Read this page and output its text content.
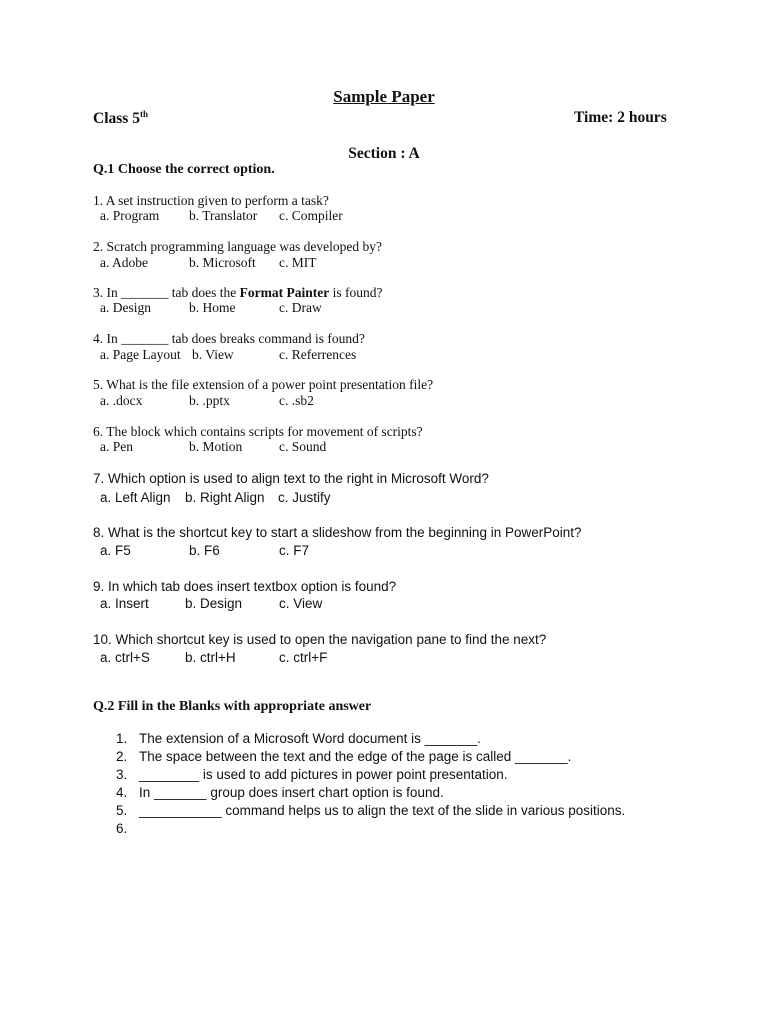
Sample Paper
Class 5th	Time: 2 hours
Section : A
Q.1 Choose the correct option.
1. A set instruction given to perform a task?
a. Program b. Translator c. Compiler
2. Scratch programming language was developed by?
a. Adobe	b. Microsoft c. MIT
3. In _______ tab does the Format Painter is found?
a. Design	b. Home	c. Draw
4. In _______ tab does breaks command is found?
a. Page Layout b. View	c. Referrences
5. What is the file extension of a power point presentation file?
a. .docx	b. .pptx	c. .sb2
6. The block which contains scripts for movement of scripts?
a. Pen	b. Motion	c. Sound
7. Which option is used to align text to the right in Microsoft Word?
a. Left Align b. Right Align c. Justify
8. What is the shortcut key to start a slideshow from the beginning in PowerPoint?
a. F5	b. F6	c. F7
9. In which tab does insert textbox option is found?
a. Insert	b. Design	c. View
10. Which shortcut key is used to open the navigation pane to find the next?
a. ctrl+S	b. ctrl+H	c. ctrl+F
Q.2 Fill in the Blanks with appropriate answer
1. The extension of a Microsoft Word document is _______.
2. The space between the text and the edge of the page is called _______.
3. ________ is used to add pictures in power point presentation.
4. In _______ group does insert chart option is found.
5. ___________ command helps us to align the text of the slide in various positions.
6.
